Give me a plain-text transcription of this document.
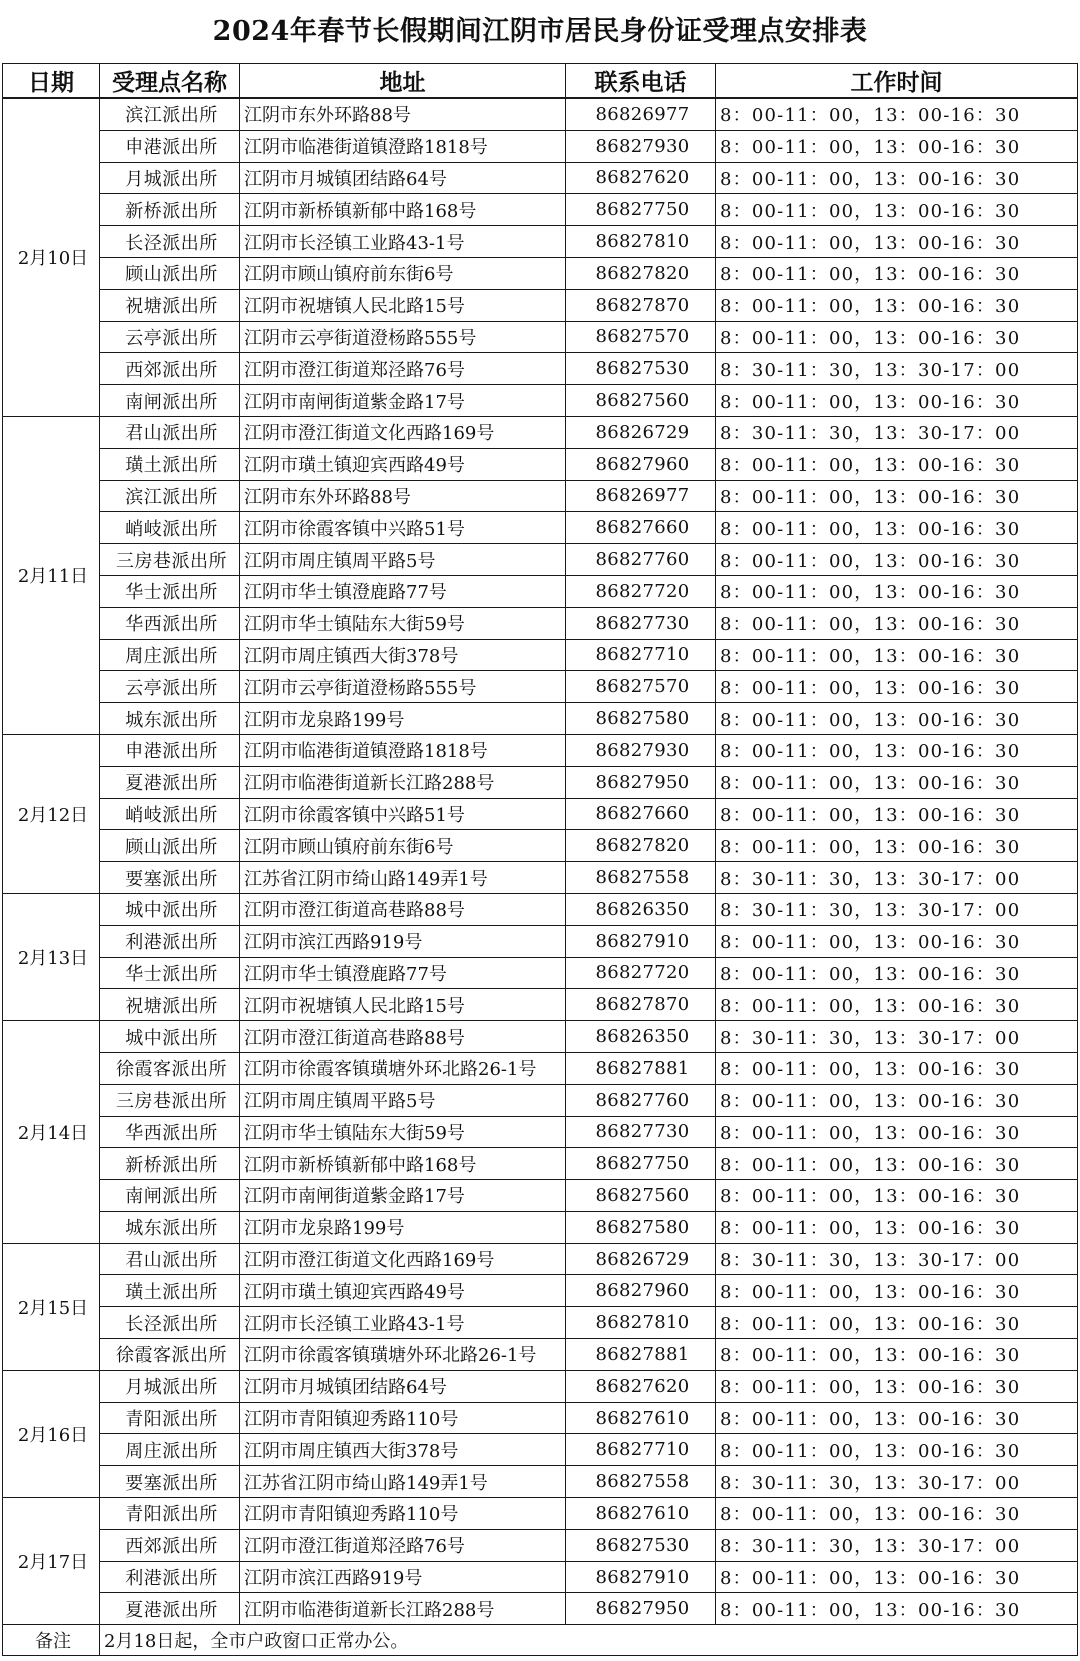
2024年春节长假期间江阴市居民身份证受理点安排表
日期	受理点名称	地址	联系电话	工作时间
2月10日	滨江派出所	江阴市东外环路88号	86826977	8：00-11：00，13：00-16：30
	申港派出所	江阴市临港街道镇澄路1818号	86827930	8：00-11：00，13：00-16：30
	月城派出所	江阴市月城镇团结路64号	86827620	8：00-11：00，13：00-16：30
	新桥派出所	江阴市新桥镇新郁中路168号	86827750	8：00-11：00，13：00-16：30
	长泾派出所	江阴市长泾镇工业路43-1号	86827810	8：00-11：00，13：00-16：30
	顾山派出所	江阴市顾山镇府前东街6号	86827820	8：00-11：00，13：00-16：30
	祝塘派出所	江阴市祝塘镇人民北路15号	86827870	8：00-11：00，13：00-16：30
	云亭派出所	江阴市云亭街道澄杨路555号	86827570	8：00-11：00，13：00-16：30
	西郊派出所	江阴市澄江街道郑泾路76号	86827530	8：30-11：30，13：30-17：00
	南闸派出所	江阴市南闸街道紫金路17号	86827560	8：00-11：00，13：00-16：30
2月11日	君山派出所	江阴市澄江街道文化西路169号	86826729	8：30-11：30，13：30-17：00
	璜土派出所	江阴市璜土镇迎宾西路49号	86827960	8：00-11：00，13：00-16：30
	滨江派出所	江阴市东外环路88号	86826977	8：00-11：00，13：00-16：30
	峭岐派出所	江阴市徐霞客镇中兴路51号	86827660	8：00-11：00，13：00-16：30
	三房巷派出所	江阴市周庄镇周平路5号	86827760	8：00-11：00，13：00-16：30
	华士派出所	江阴市华士镇澄鹿路77号	86827720	8：00-11：00，13：00-16：30
	华西派出所	江阴市华士镇陆东大街59号	86827730	8：00-11：00，13：00-16：30
	周庄派出所	江阴市周庄镇西大街378号	86827710	8：00-11：00，13：00-16：30
	云亭派出所	江阴市云亭街道澄杨路555号	86827570	8：00-11：00，13：00-16：30
	城东派出所	江阴市龙泉路199号	86827580	8：00-11：00，13：00-16：30
2月12日	申港派出所	江阴市临港街道镇澄路1818号	86827930	8：00-11：00，13：00-16：30
	夏港派出所	江阴市临港街道新长江路288号	86827950	8：00-11：00，13：00-16：30
	峭岐派出所	江阴市徐霞客镇中兴路51号	86827660	8：00-11：00，13：00-16：30
	顾山派出所	江阴市顾山镇府前东街6号	86827820	8：00-11：00，13：00-16：30
	要塞派出所	江苏省江阴市绮山路149弄1号	86827558	8：30-11：30，13：30-17：00
2月13日	城中派出所	江阴市澄江街道高巷路88号	86826350	8：30-11：30，13：30-17：00
	利港派出所	江阴市滨江西路919号	86827910	8：00-11：00，13：00-16：30
	华士派出所	江阴市华士镇澄鹿路77号	86827720	8：00-11：00，13：00-16：30
	祝塘派出所	江阴市祝塘镇人民北路15号	86827870	8：00-11：00，13：00-16：30
2月14日	城中派出所	江阴市澄江街道高巷路88号	86826350	8：30-11：30，13：30-17：00
	徐霞客派出所	江阴市徐霞客镇璜塘外环北路26-1号	86827881	8：00-11：00，13：00-16：30
	三房巷派出所	江阴市周庄镇周平路5号	86827760	8：00-11：00，13：00-16：30
	华西派出所	江阴市华士镇陆东大街59号	86827730	8：00-11：00，13：00-16：30
	新桥派出所	江阴市新桥镇新郁中路168号	86827750	8：00-11：00，13：00-16：30
	南闸派出所	江阴市南闸街道紫金路17号	86827560	8：00-11：00，13：00-16：30
	城东派出所	江阴市龙泉路199号	86827580	8：00-11：00，13：00-16：30
2月15日	君山派出所	江阴市澄江街道文化西路169号	86826729	8：30-11：30，13：30-17：00
	璜土派出所	江阴市璜土镇迎宾西路49号	86827960	8：00-11：00，13：00-16：30
	长泾派出所	江阴市长泾镇工业路43-1号	86827810	8：00-11：00，13：00-16：30
	徐霞客派出所	江阴市徐霞客镇璜塘外环北路26-1号	86827881	8：00-11：00，13：00-16：30
2月16日	月城派出所	江阴市月城镇团结路64号	86827620	8：00-11：00，13：00-16：30
	青阳派出所	江阴市青阳镇迎秀路110号	86827610	8：00-11：00，13：00-16：30
	周庄派出所	江阴市周庄镇西大街378号	86827710	8：00-11：00，13：00-16：30
	要塞派出所	江苏省江阴市绮山路149弄1号	86827558	8：30-11：30，13：30-17：00
2月17日	青阳派出所	江阴市青阳镇迎秀路110号	86827610	8：00-11：00，13：00-16：30
	西郊派出所	江阴市澄江街道郑泾路76号	86827530	8：30-11：30，13：30-17：00
	利港派出所	江阴市滨江西路919号	86827910	8：00-11：00，13：00-16：30
	夏港派出所	江阴市临港街道新长江路288号	86827950	8：00-11：00，13：00-16：30
备注	2月18日起，全市户政窗口正常办公。			
